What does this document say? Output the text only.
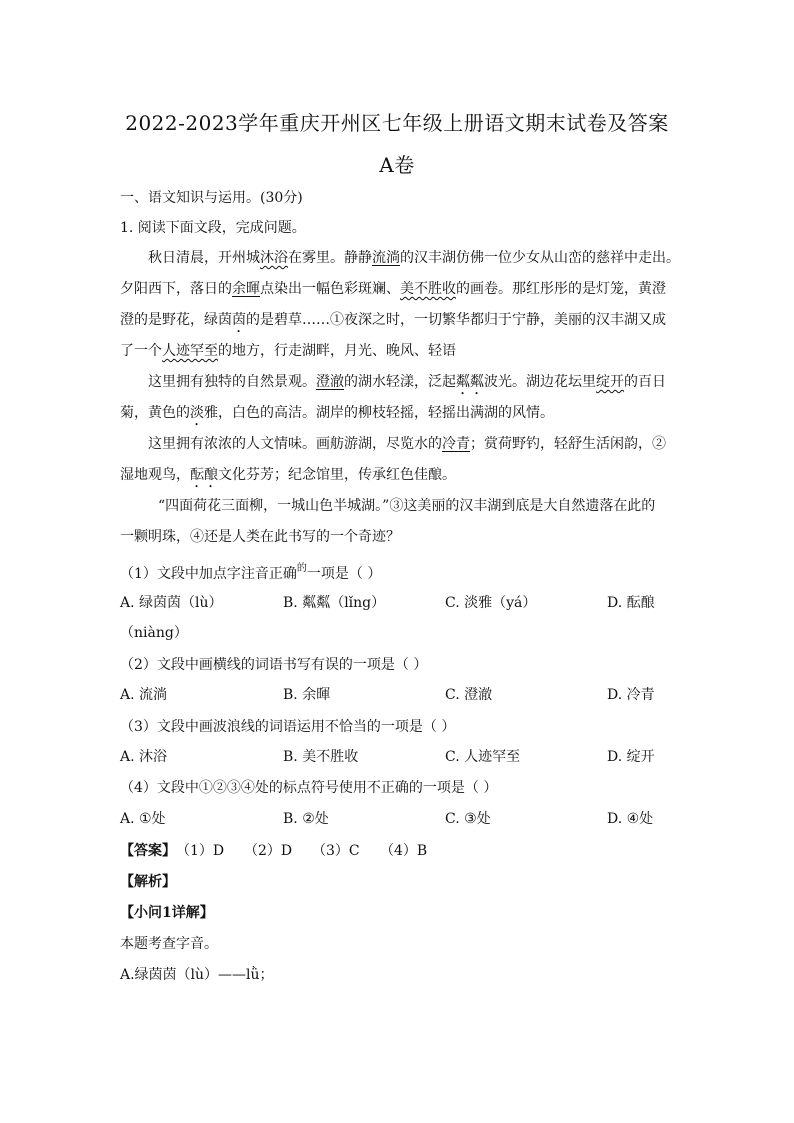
2022-2023学年重庆开州区七年级上册语文期末试卷及答案
A卷
一、语文知识与运用。(30分)
1. 阅读下面文段，完成问题。
秋日清晨，开州城沐浴在雾里。静静流淌的汉丰湖仿佛一位少女从山峦的慈祥中走出。
夕阳西下，落日的余暉点染出一幅色彩斑斓、美不胜收的画卷。那红彤彤的是灯笼，黄澄
澄的是野花，绿茵茵的是碧草……①夜深之时，一切繁华都归于宁静，美丽的汉丰湖又成
了一个人迹罕至的地方，行走湖畔，月光、晚风、轻语
这里拥有独特的自然景观。澄澈的湖水轻漾，泛起粼粼波光。湖边花坛里绽开的百日
菊，黄色的淡雅，白色的高洁。湖岸的柳枝轻摇，轻摇出满湖的风情。
这里拥有浓浓的人文情味。画舫游湖，尽览水的冷青；赏荷野钓，轻舒生活闲韵，②
湿地观鸟，酝酿文化芬芳；纪念馆里，传承红色佳酿。
“四面荷花三面柳，一城山色半城湖。”③这美丽的汉丰湖到底是大自然遗落在此的
一颗明珠，④还是人类在此书写的一个奇迹？
（1）文段中加点字注音正确$^的$一项是（ ）
A. 绿茵茵（lù）	B. 粼粼（lǐng）	C. 淡雅（yá）	D. 酝酿
（niàng）
（2）文段中画横线的词语书写有误的一项是（ ）
A. 流淌	B. 余暉	C. 澄澈	D. 冷青
（3）文段中画波浪线的词语运用不恰当的一项是（ ）
A. 沐浴	B. 美不胜收	C. 人迹罕至	D. 绽开
（4）文段中①②③④处的标点符号使用不正确的一项是（ ）
A. ①处	B. ②处	C. ③处	D. ④处
【答案】（1）D （2）D （3）C （4）B
【解析】
【小问1详解】
本题考查字音。
A.绿茵茵（lù）——lǜ；
